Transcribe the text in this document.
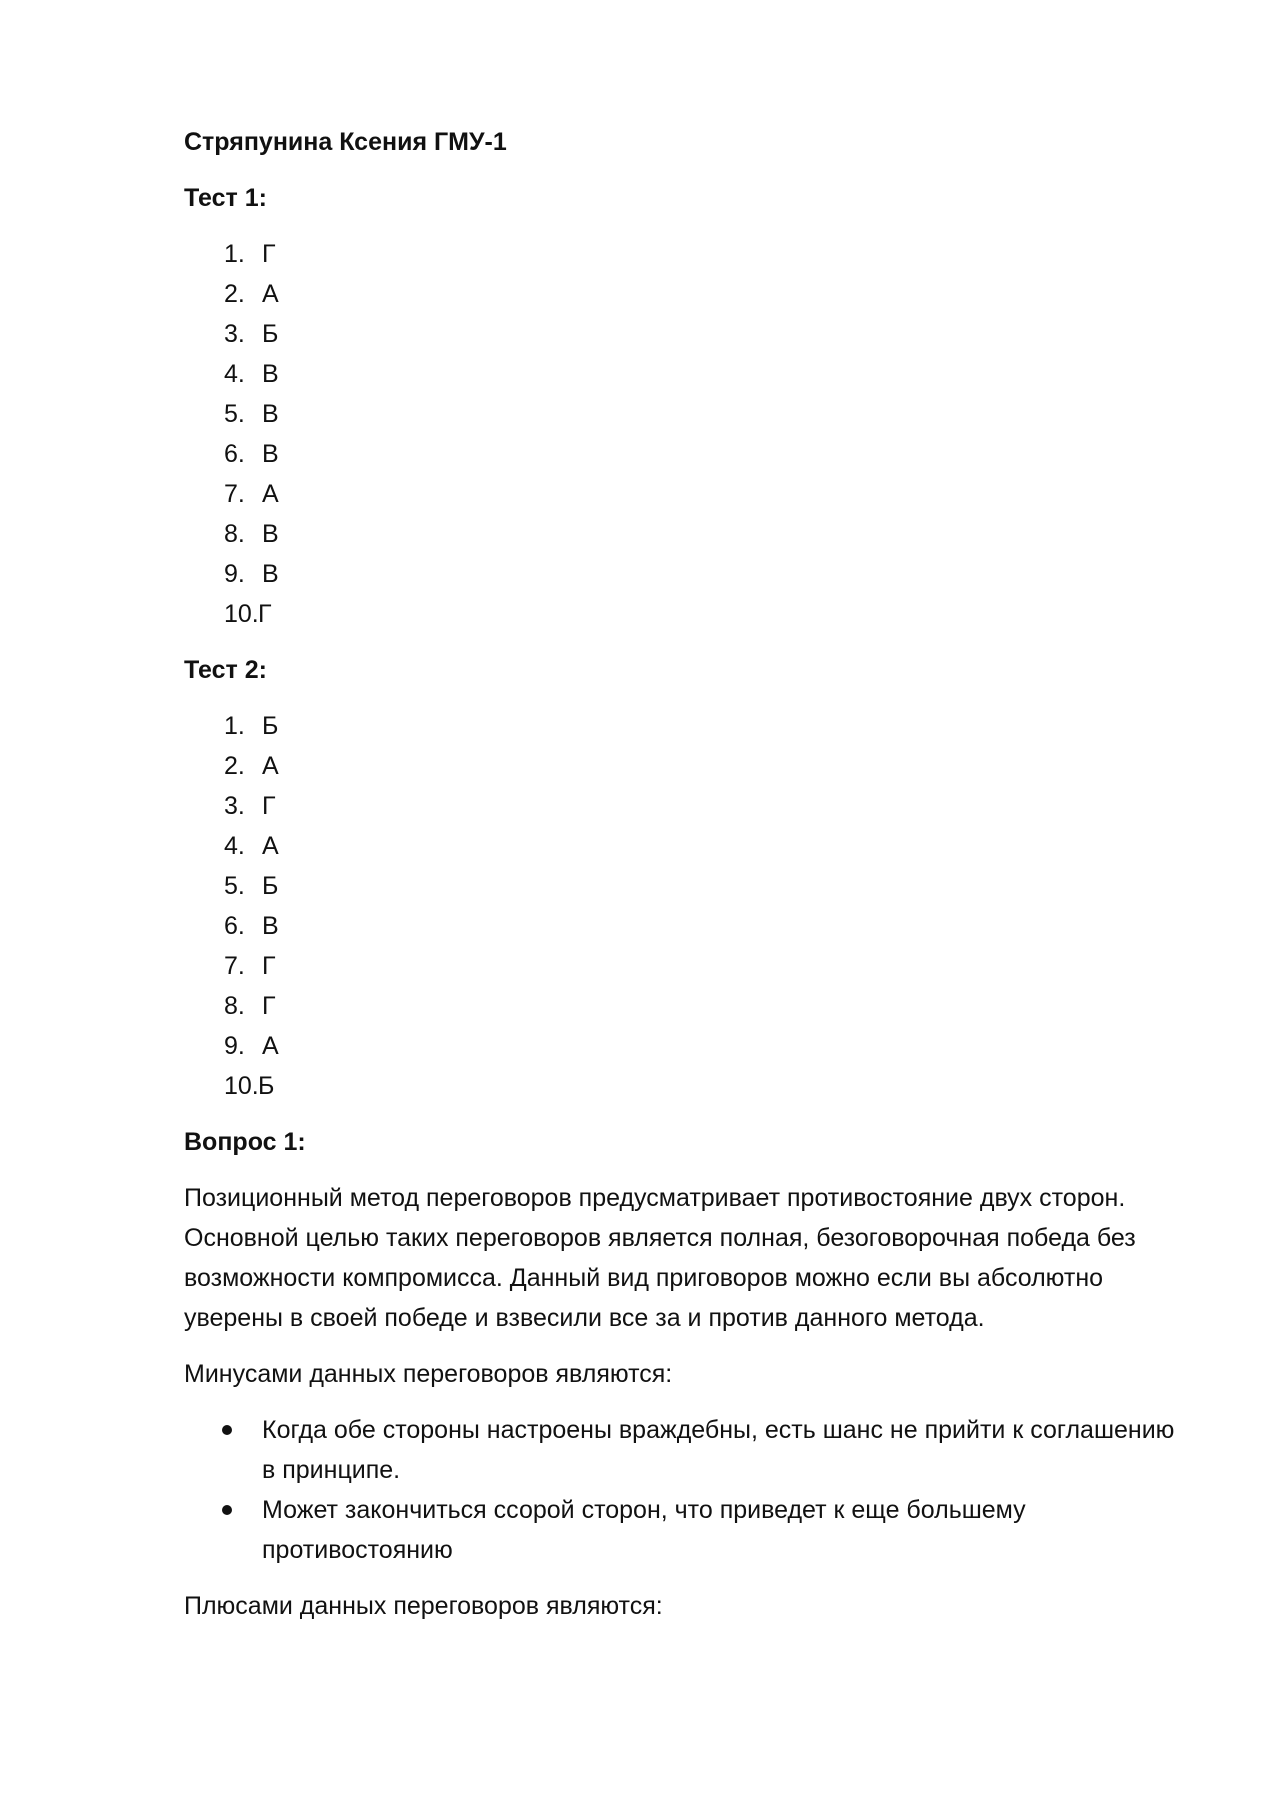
Стряпунина Ксения ГМУ-1
Тест 1:
1. Г
2. А
3. Б
4. В
5. В
6. В
7. А
8. В
9. В
10. Г
Тест 2:
1. Б
2. А
3. Г
4. А
5. Б
6. В
7. Г
8. Г
9. А
10. Б
Вопрос 1:

Позиционный метод переговоров предусматривает противостояние двух сторон. Основной целью таких переговоров является полная, безоговорочная победа без возможности компромисса. Данный вид приговоров можно если вы абсолютно уверены в своей победе и взвесили все за и против данного метода.

Минусами данных переговоров являются:

Когда обе стороны настроены враждебны, есть шанс не прийти к соглашению в принципе.
Может закончиться ссорой сторон, что приведет к еще большему противостоянию

Плюсами данных переговоров являются:
